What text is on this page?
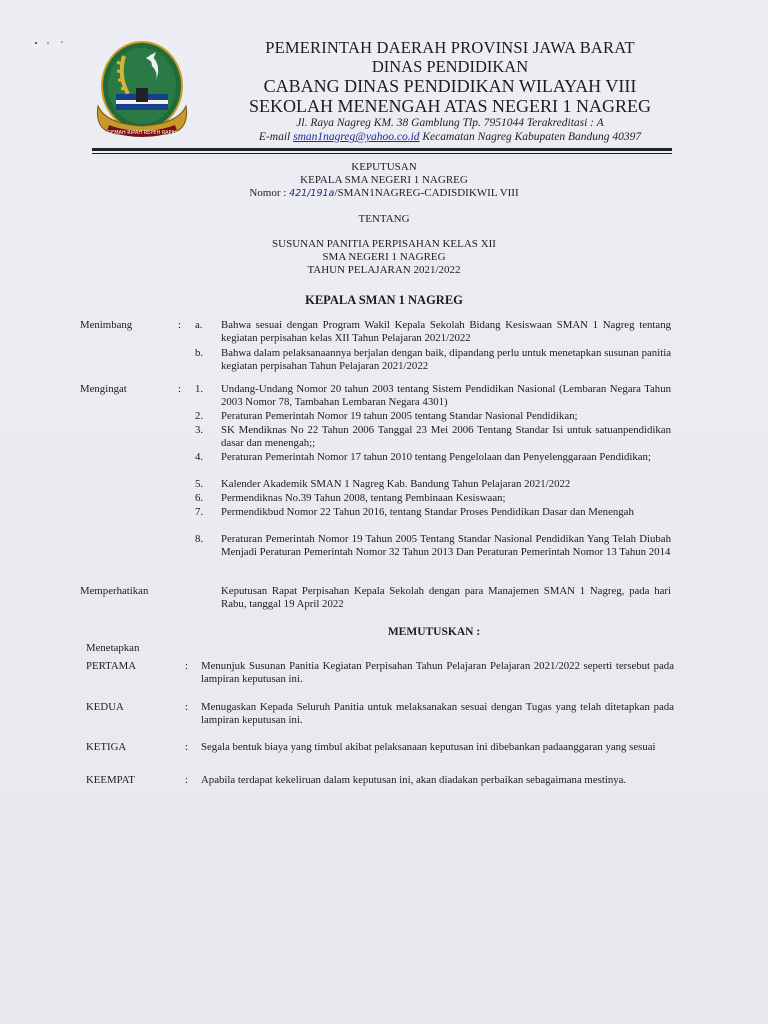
GEMAH RIPAH REPEH RAPIH
PEMERINTAH DAERAH PROVINSI JAWA BARAT
DINAS PENDIDIKAN
CABANG DINAS PENDIDIKAN WILAYAH VIII
SEKOLAH MENENGAH ATAS NEGERI 1 NAGREG
Jl. Raya Nagreg KM. 38 Gamblung Tlp. 7951044 Terakreditasi : A
E-mail sman1nagreg@yahoo.co.id Kecamatan Nagreg Kabupaten Bandung 40397
KEPUTUSAN
KEPALA SMA NEGERI 1 NAGREG
Nomor : 421/191a/SMAN1NAGREG-CADISDIKWIL VIII
TENTANG
SUSUNAN PANITIA PERPISAHAN KELAS XII
SMA NEGERI 1 NAGREG
TAHUN PELAJARAN 2021/2022
KEPALA SMAN 1 NAGREG
Menimbang	: a. Bahwa sesuai dengan Program Wakil Kepala Sekolah Bidang Kesiswaan SMAN 1 Nagreg tentang kegiatan perpisahan kelas XII Tahun Pelajaran 2021/2022
b. Bahwa dalam pelaksanaannya berjalan dengan baik, dipandang perlu untuk menetapkan susunan panitia kegiatan perpisahan Tahun Pelajaran 2021/2022
Mengingat	: 1. Undang-Undang Nomor 20 tahun 2003 tentang Sistem Pendidikan Nasional (Lembaran Negara Tahun 2003 Nomor 78, Tambahan Lembaran Negara 4301)
2. Peraturan Pemerintah Nomor 19 tahun 2005 tentang Standar Nasional Pendidikan;
3. SK Mendiknas No 22 Tahun 2006 Tanggal 23 Mei 2006 Tentang Standar Isi untuk satuanpendidikan dasar dan menengah;;
4. Peraturan Pemerintah Nomor 17 tahun 2010 tentang Pengelolaan dan Penyelenggaraan Pendidikan;
5. Kalender Akademik SMAN 1 Nagreg Kab. Bandung Tahun Pelajaran 2021/2022
6. Permendiknas No.39 Tahun 2008, tentang Pembinaan Kesiswaan;
7. Permendikbud Nomor 22 Tahun 2016, tentang Standar Proses Pendidikan Dasar dan Menengah
8. Peraturan Pemerintah Nomor 19 Tahun 2005 Tentang Standar Nasional Pendidikan Yang Telah Diubah Menjadi Peraturan Pemerintah Nomor 32 Tahun 2013 Dan Peraturan Pemerintah Nomor 13 Tahun 2014
Memperhatikan	Keputusan Rapat Perpisahan Kepala Sekolah dengan para Manajemen SMAN 1 Nagreg, pada hari Rabu, tanggal 19 April 2022
MEMUTUSKAN :
Menetapkan
PERTAMA	: Menunjuk Susunan Panitia Kegiatan Perpisahan Tahun Pelajaran Pelajaran 2021/2022 seperti tersebut pada lampiran keputusan ini.
KEDUA	: Menugaskan Kepada Seluruh Panitia untuk melaksanakan sesuai dengan Tugas yang telah ditetapkan pada lampiran keputusan ini.
KETIGA	: Segala bentuk biaya yang timbul akibat pelaksanaan keputusan ini dibebankan padaanggaran yang sesuai
KEEMPAT	: Apabila terdapat kekeliruan dalam keputusan ini, akan diadakan perbaikan sebagaimana mestinya.
